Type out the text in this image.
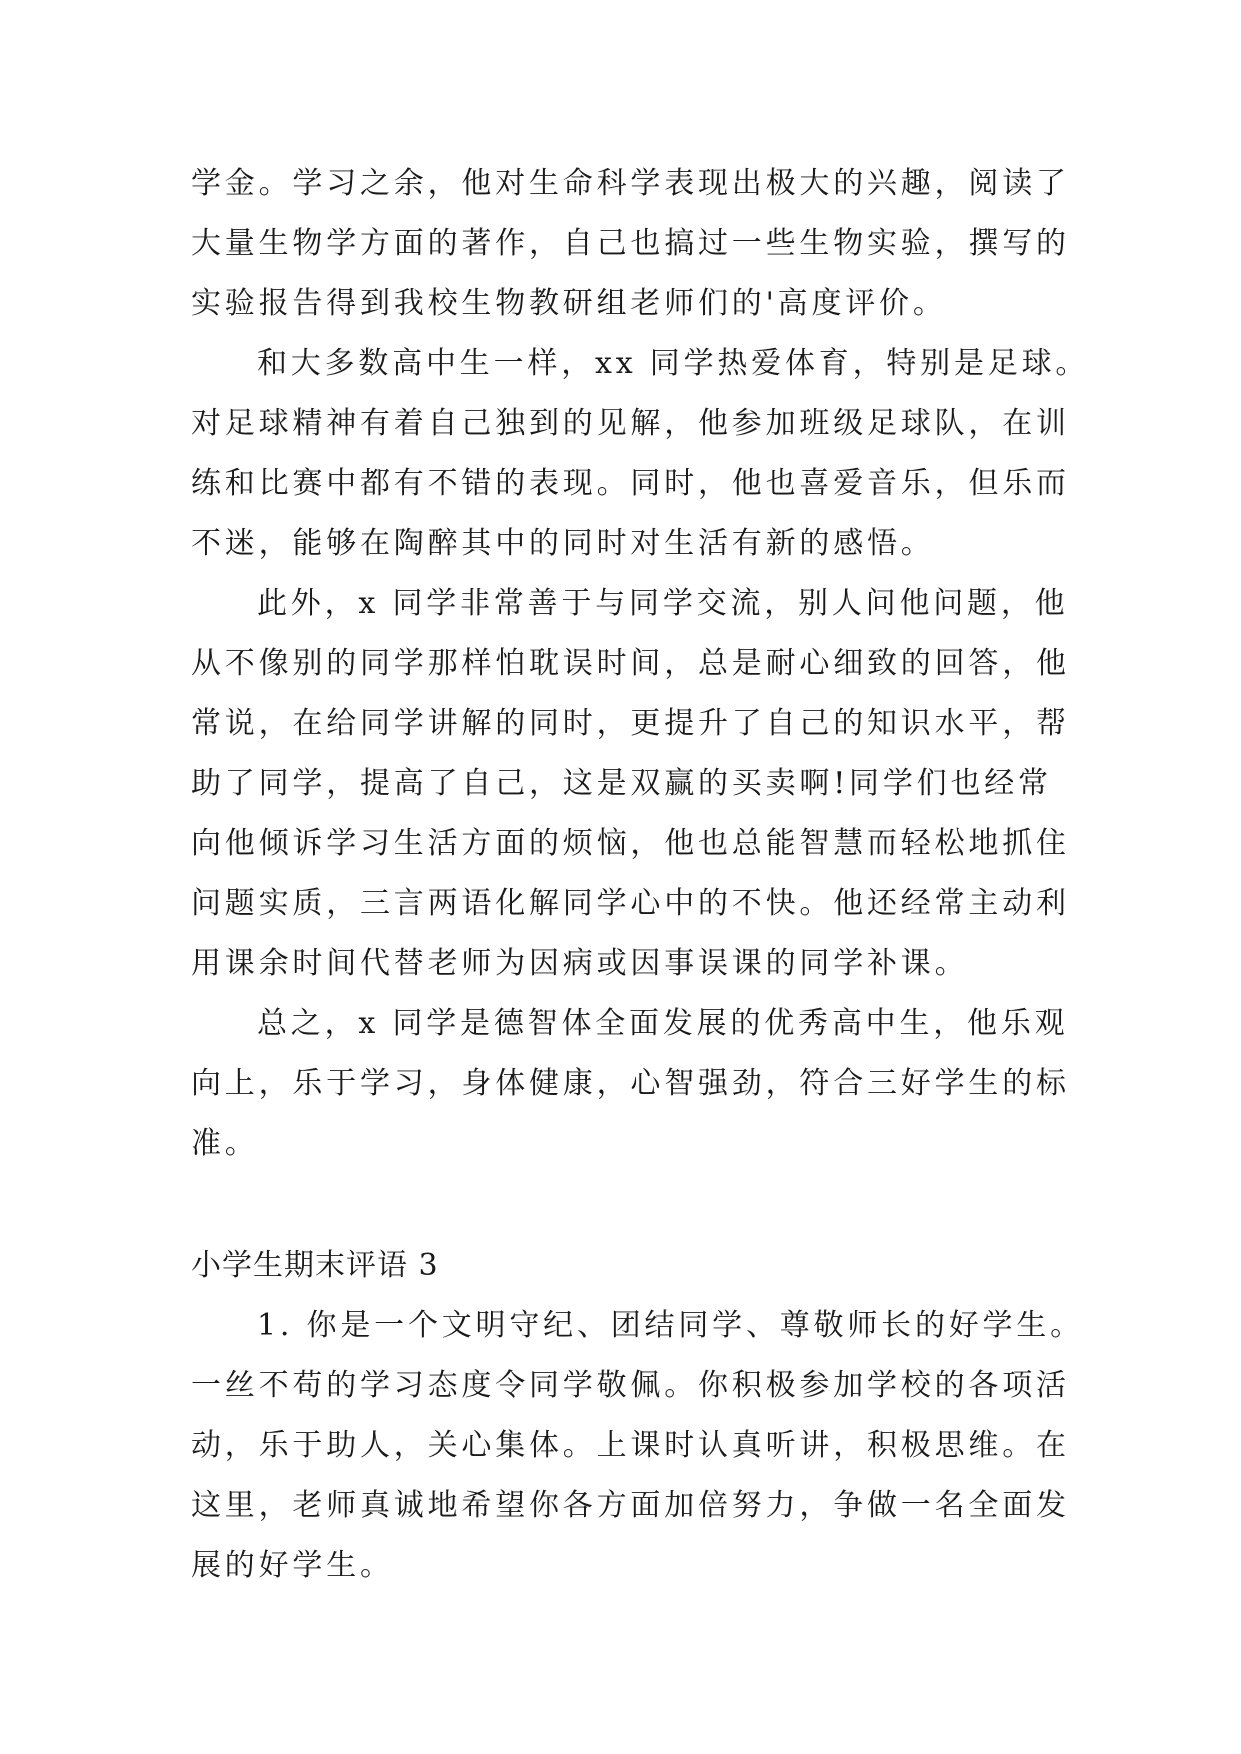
学金。学习之余，他对生命科学表现出极大的兴趣，阅读了
大量生物学方面的著作，自己也搞过一些生物实验，撰写的
实验报告得到我校生物教研组老师们的'高度评价。
和大多数高中生一样，xx 同学热爱体育，特别是足球。
对足球精神有着自己独到的见解，他参加班级足球队，在训
练和比赛中都有不错的表现。同时，他也喜爱音乐，但乐而
不迷，能够在陶醉其中的同时对生活有新的感悟。
此外，x 同学非常善于与同学交流，别人问他问题，他
从不像别的同学那样怕耽误时间，总是耐心细致的回答，他
常说，在给同学讲解的同时，更提升了自己的知识水平，帮
助了同学，提高了自己，这是双赢的买卖啊!同学们也经常
向他倾诉学习生活方面的烦恼，他也总能智慧而轻松地抓住
问题实质，三言两语化解同学心中的不快。他还经常主动利
用课余时间代替老师为因病或因事误课的同学补课。
总之，x 同学是德智体全面发展的优秀高中生，他乐观
向上，乐于学习，身体健康，心智强劲，符合三好学生的标
准。
小学生期末评语 3
1. 你是一个文明守纪、团结同学、尊敬师长的好学生。
一丝不苟的学习态度令同学敬佩。你积极参加学校的各项活
动，乐于助人，关心集体。上课时认真听讲，积极思维。在
这里，老师真诚地希望你各方面加倍努力，争做一名全面发
展的好学生。
